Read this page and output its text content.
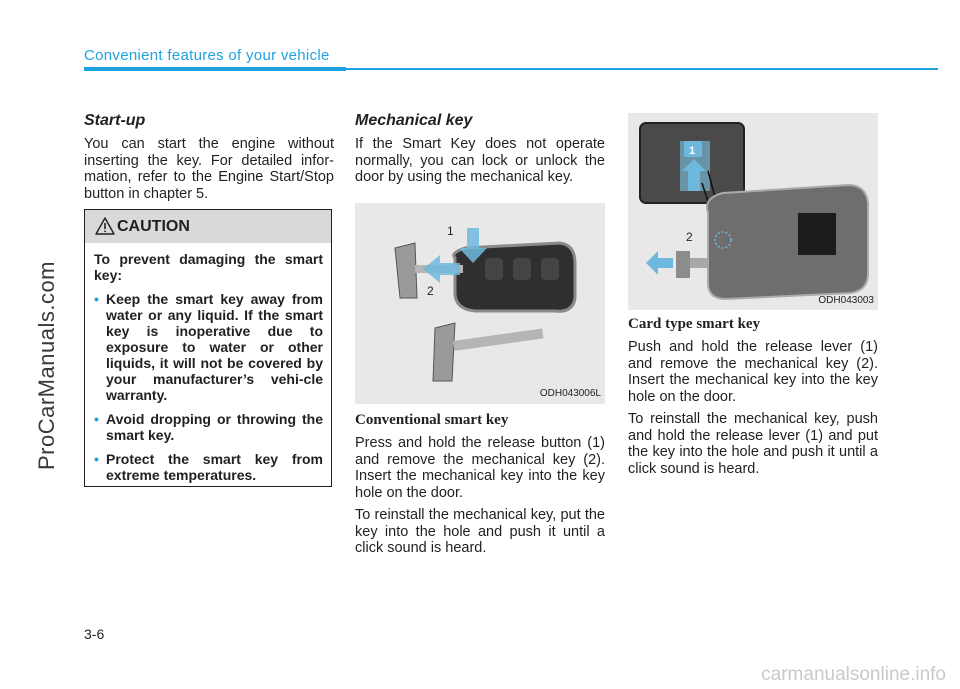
Convenient features of your vehicle
ProCarManuals.com
Start-up

You can start the engine without inserting the key. For detailed infor-mation, refer to the Engine Start/Stop button in chapter 5.

CAUTION

To prevent damaging the smart key:

• Keep the smart key away from water or any liquid. If the smart key is inoperative due to exposure to water or other liquids, it will not be covered by your manufacturer’s vehi-cle warranty.
• Avoid dropping or throwing the smart key.
• Protect the smart key from extreme temperatures.
Mechanical key

If the Smart Key does not operate normally, you can lock or unlock the door by using the mechanical key.

1
2
ODH043006L
Conventional smart key

Press and hold the release button (1) and remove the mechanical key (2). Insert the mechanical key into the key hole on the door.

To reinstall the mechanical key, put the key into the hole and push it until a click sound is heard.

1
2
ODH043003
Card type smart key

Push and hold the release lever (1) and remove the mechanical key (2). Insert the mechanical key into the key hole on the door.

To reinstall the mechanical key, push and hold the release lever (1) and put the key into the hole and push it until a click sound is heard.

3-6
carmanualsonline.info
